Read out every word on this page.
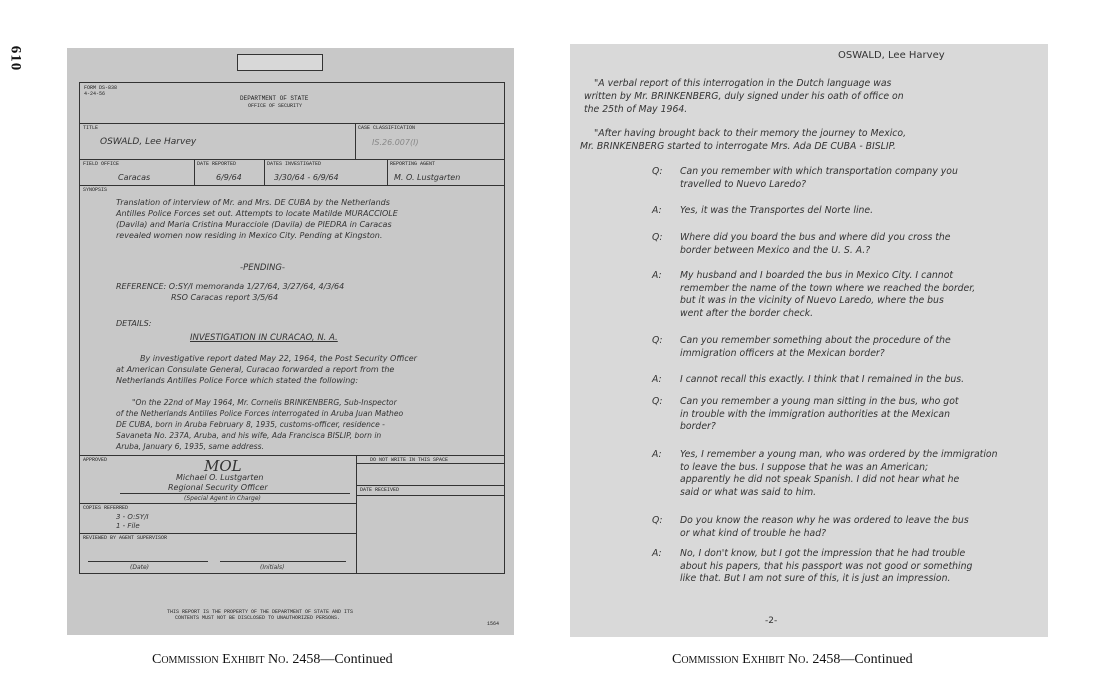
610
FORM DS-838
4-24-56
DEPARTMENT OF STATE
OFFICE OF SECURITY
TITLE
OSWALD, Lee Harvey
CASE CLASSIFICATION
IS.26.007(I)
FIELD OFFICE
Caracas
DATE REPORTED
6/9/64
DATES INVESTIGATED
3/30/64 - 6/9/64
REPORTING AGENT
M. O. Lustgarten
SYNOPSIS
Translation of interview of Mr. and Mrs. DE CUBA by the Netherlands
Antilles Police Forces set out. Attempts to locate Matilde MURACCIOLE
(Davila) and Maria Cristina Muracciole (Davila) de PIEDRA in Caracas
revealed women now residing in Mexico City. Pending at Kingston.
-PENDING-
REFERENCE: O:SY/I memoranda 1/27/64, 3/27/64, 4/3/64
RSO Caracas report 3/5/64
DETAILS:
INVESTIGATION IN CURACAO, N. A.
By investigative report dated May 22, 1964, the Post Security Officer
at American Consulate General, Curacao forwarded a report from the
Netherlands Antilles Police Force which stated the following:
"On the 22nd of May 1964, Mr. Cornelis BRINKENBERG, Sub-Inspector
of the Netherlands Antilles Police Forces interrogated in Aruba Juan Matheo
DE CUBA, born in Aruba February 8, 1935, customs-officer, residence -
Savaneta No. 237A, Aruba, and his wife, Ada Francisca BISLIP, born in
Aruba, January 6, 1935, same address.
APPROVED	DO NOT WRITE IN THIS SPACE
DATE RECEIVED
MOL
Michael O. Lustgarten
Regional Security Officer
(Special Agent in Charge)
COPIES REFERRED
3 - O:SY/I
1 - File
REVIEWED BY AGENT SUPERVISOR
(Date)	(Initials)
THIS REPORT IS THE PROPERTY OF THE DEPARTMENT OF STATE AND ITS
CONTENTS MUST NOT BE DISCLOSED TO UNAUTHORIZED PERSONS.
1564
OSWALD, Lee Harvey
"A verbal report of this interrogation in the Dutch language was
written by Mr. BRINKENBERG, duly signed under his oath of office on
the 25th of May 1964.
"After having brought back to their memory the journey to Mexico,
Mr. BRINKENBERG started to interrogate Mrs. Ada DE CUBA - BISLIP.
Q: Can you remember with which transportation company you
travelled to Nuevo Laredo?
A: Yes, it was the Transportes del Norte line.
Q: Where did you board the bus and where did you cross the
border between Mexico and the U. S. A.?
A: My husband and I boarded the bus in Mexico City. I cannot
remember the name of the town where we reached the border,
but it was in the vicinity of Nuevo Laredo, where the bus
went after the border check.
Q: Can you remember something about the procedure of the
immigration officers at the Mexican border?
A: I cannot recall this exactly. I think that I remained in the bus.
Q: Can you remember a young man sitting in the bus, who got
in trouble with the immigration authorities at the Mexican
border?
A: Yes, I remember a young man, who was ordered by the immigration
to leave the bus. I suppose that he was an American;
apparently he did not speak Spanish. I did not hear what he
said or what was said to him.
Q: Do you know the reason why he was ordered to leave the bus
or what kind of trouble he had?
A: No, I don't know, but I got the impression that he had trouble
about his papers, that his passport was not good or something
like that. But I am not sure of this, it is just an impression.
-2-
Commission Exhibit No. 2458—Continued	Commission Exhibit No. 2458—Continued
